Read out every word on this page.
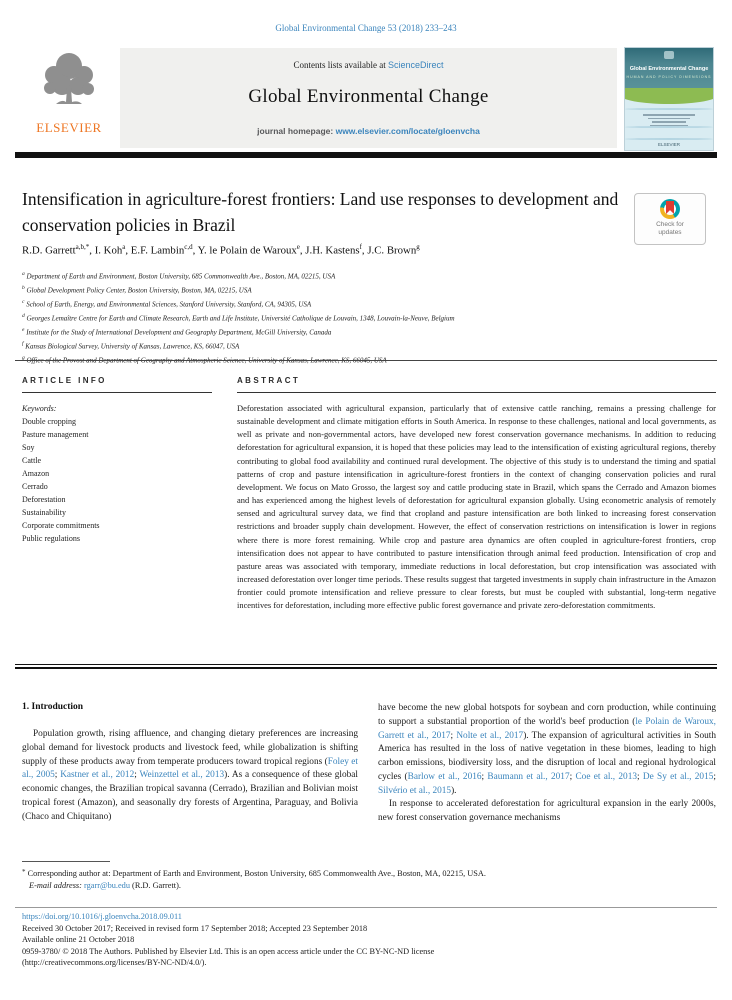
Global Environmental Change 53 (2018) 233–243
ELSEVIER
Contents lists available at ScienceDirect
Global Environmental Change
journal homepage: www.elsevier.com/locate/gloenvcha
Global Environmental Change
HUMAN AND POLICY DIMENSIONS
ELSEVIER
Intensification in agriculture-forest frontiers: Land use responses to development and conservation policies in Brazil	Check for
updates
R.D. Garrett$^{a,b,*}$, I. Koh$^a$, E.F. Lambin$^{c,d}$, Y. le Polain de Waroux$^e$, J.H. Kastens$^f$, J.C. Brown$^g$
$^a$ Department of Earth and Environment, Boston University, 685 Commonwealth Ave., Boston, MA, 02215, USA
$^b$ Global Development Policy Center, Boston University, Boston, MA, 02215, USA
$^c$ School of Earth, Energy, and Environmental Sciences, Stanford University, Stanford, CA, 94305, USA
$^d$ Georges Lemaître Centre for Earth and Climate Research, Earth and Life Institute, Université Catholique de Louvain, 1348, Louvain-la-Neuve, Belgium
$^e$ Institute for the Study of International Development and Geography Department, McGill University, Canada
$^f$ Kansas Biological Survey, University of Kansas, Lawrence, KS, 66047, USA
$^g$ Office of the Provost and Department of Geography and Atmospheric Science, University of Kansas, Lawrence, KS, 66045, USA
ARTICLE INFO
Keywords:
Double cropping
Pasture management
Soy
Cattle
Amazon
Cerrado
Deforestation
Sustainability
Corporate commitments
Public regulations
ABSTRACT
Deforestation associated with agricultural expansion, particularly that of extensive cattle ranching, remains a pressing challenge for sustainable development and climate mitigation efforts in South America. In response to these challenges, national and local governments, as well as private and non-governmental actors, have developed new forest conservation governance mechanisms. In addition to reducing deforestation for agricultural expansion, it is hoped that these policies may lead to the intensification of existing agricultural regions, thereby contributing to global food availability and continued rural development. The objective of this study is to understand the timing and spatial patterns of crop and pasture intensification in agriculture-forest frontiers in the context of changing conservation policies and rural development. We focus on Mato Grosso, the largest soy and cattle producing state in Brazil, which spans the Cerrado and Amazon biomes and has experienced among the highest levels of deforestation for agricultural expansion globally. Using econometric analysis of remotely sensed and agricultural survey data, we find that cropland and pasture intensification are both linked to increasing forest conservation restrictions and broader supply chain development. However, the effect of conservation restrictions on intensification is lower in regions where there is more forest remaining. While crop and pasture area dynamics are often coupled in agriculture-forest frontiers, crop intensification does not appear to have contributed to pasture intensification through animal feed production. Intensification of crop and pasture areas was associated with temporary, immediate reductions in local deforestation, but crop intensification was associated with increased deforestation over longer time periods. These results suggest that targeted investments in supply chain infrastructure in the Amazon frontier could promote intensification and relieve pressure to clear forests, but must be coupled with substantial, long-term negative incentives for deforestation, including more effective public forest governance and private zero-deforestation commitments.

1. Introduction

Population growth, rising affluence, and changing dietary preferences are increasing global demand for livestock products and livestock feed, while globalization is shifting supply of these products away from temperate producers toward tropical regions (Foley et al., 2005; Kastner et al., 2012; Weinzettel et al., 2013). As a consequence of these global economic changes, the Brazilian tropical savanna (Cerrado), Brazilian and Bolivian moist tropical forest (Amazon), and seasonally dry forests of Argentina, Paraguay, and Bolivia (Chaco and Chiquitano)

have become the new global hotspots for soybean and corn production, while continuing to support a substantial proportion of the world's beef production (le Polain de Waroux, Garrett et al., 2017; Nolte et al., 2017). The expansion of agricultural activities in South America has resulted in the loss of native vegetation in these biomes, leading to high carbon emissions, biodiversity loss, and the disruption of local and regional hydrological cycles (Barlow et al., 2016; Baumann et al., 2017; Coe et al., 2013; De Sy et al., 2015; Silvério et al., 2015).

In response to accelerated deforestation for agricultural expansion in the early 2000s, new forest conservation governance mechanisms

* Corresponding author at: Department of Earth and Environment, Boston University, 685 Commonwealth Ave., Boston, MA, 02215, USA.
E-mail address: rgarr@bu.edu (R.D. Garrett).
https://doi.org/10.1016/j.gloenvcha.2018.09.011
Received 30 October 2017; Received in revised form 17 September 2018; Accepted 23 September 2018
Available online 21 October 2018
0959-3780/ © 2018 The Authors. Published by Elsevier Ltd. This is an open access article under the CC BY-NC-ND license
(http://creativecommons.org/licenses/BY-NC-ND/4.0/).
